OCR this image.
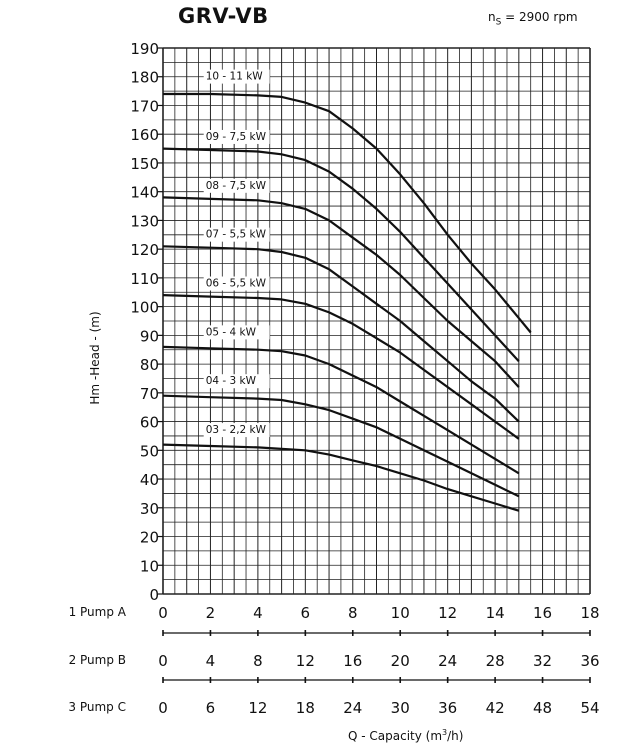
GRV-VB	$n_S = 2900$ rpm
0
10
20
30
40
50
60
70
80
90
100
110
120
130
140
150
160
170
180
190
10 - 11 kW
09 - 7,5 kW
08 - 7,5 kW
07 - 5,5 kW
06 - 5,5 kW
05 - 4 kW
04 - 3 kW
03 - 2,2 kW
1 Pump A 0	2	4	6	8 10 12 14 16 18
2 Pump B 0	4	8 12 16 20 24 28 32 36
3 Pump C 0	6 12 18 24 30 36 42 48 54
Hm -Head - (m)
Q - Capacity $(m^3/h)$
